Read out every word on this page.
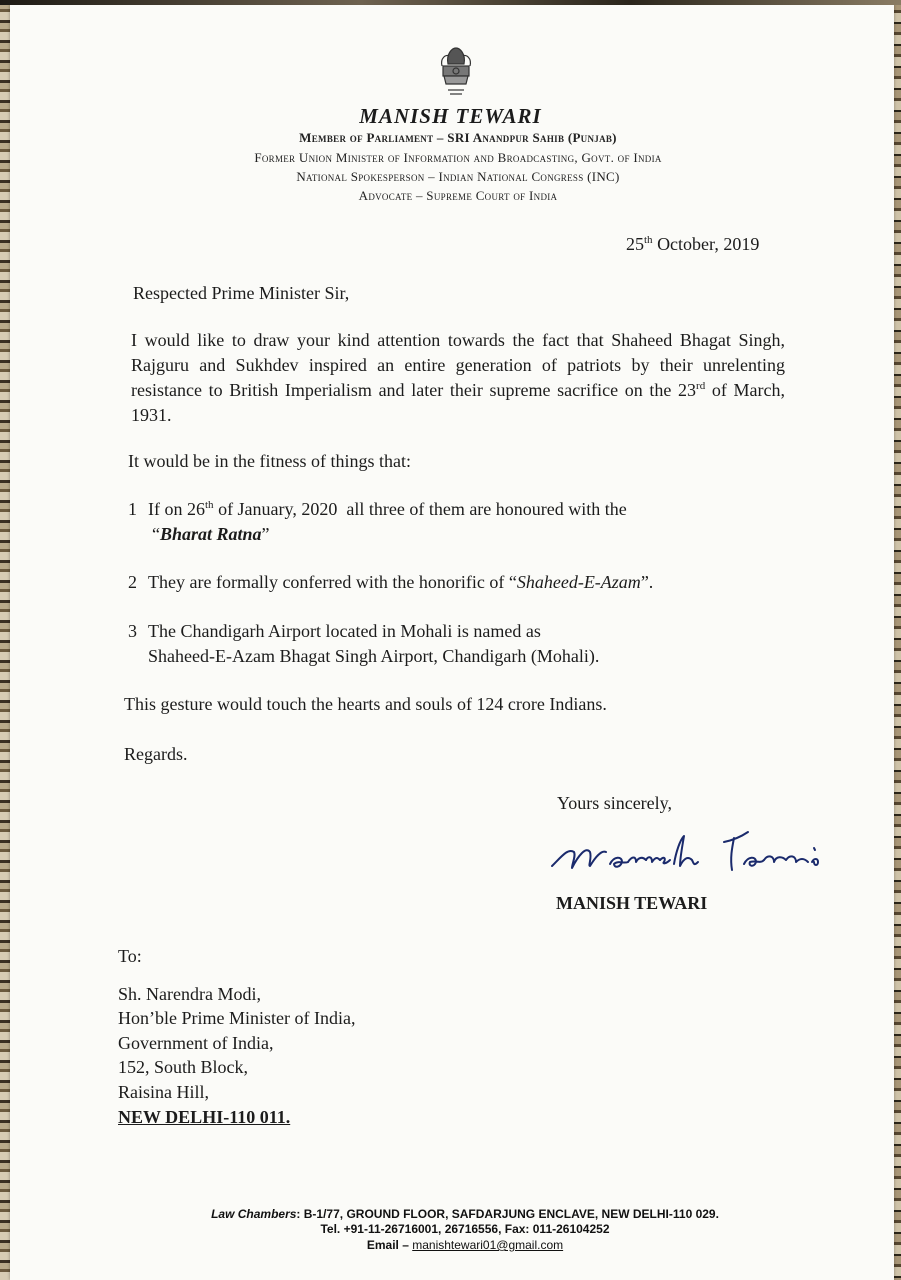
MANISH TEWARI
Member of Parliament – SRI Anandpur Sahib (Punjab)
Former Union Minister of Information and Broadcasting, Govt. of India
National Spokesperson – Indian National Congress (INC)
Advocate – Supreme Court of India
25th October, 2019
Respected Prime Minister Sir,
I would like to draw your kind attention towards the fact that Shaheed Bhagat Singh, Rajguru and Sukhdev inspired an entire generation of patriots by their unrelenting resistance to British Imperialism and later their supreme sacrifice on the 23rd of March, 1931.
It would be in the fitness of things that:
1 If on 26th of January, 2020  all three of them are honoured with the
“Bharat Ratna”
2 They are formally conferred with the honorific of “Shaheed-E-Azam”.
3 The Chandigarh Airport located in Mohali is named as
Shaheed-E-Azam Bhagat Singh Airport, Chandigarh (Mohali).
This gesture would touch the hearts and souls of 124 crore Indians.
Regards.
Yours sincerely,
MANISH TEWARI
To:
Sh. Narendra Modi,
Hon’ble Prime Minister of India,
Government of India,
152, South Block,
Raisina Hill,
NEW DELHI-110 011.
Law Chambers: B-1/77, GROUND FLOOR, SAFDARJUNG ENCLAVE, NEW DELHI-110 029.
Tel. +91-11-26716001, 26716556, Fax: 011-26104252
Email – manishtewari01@gmail.com
